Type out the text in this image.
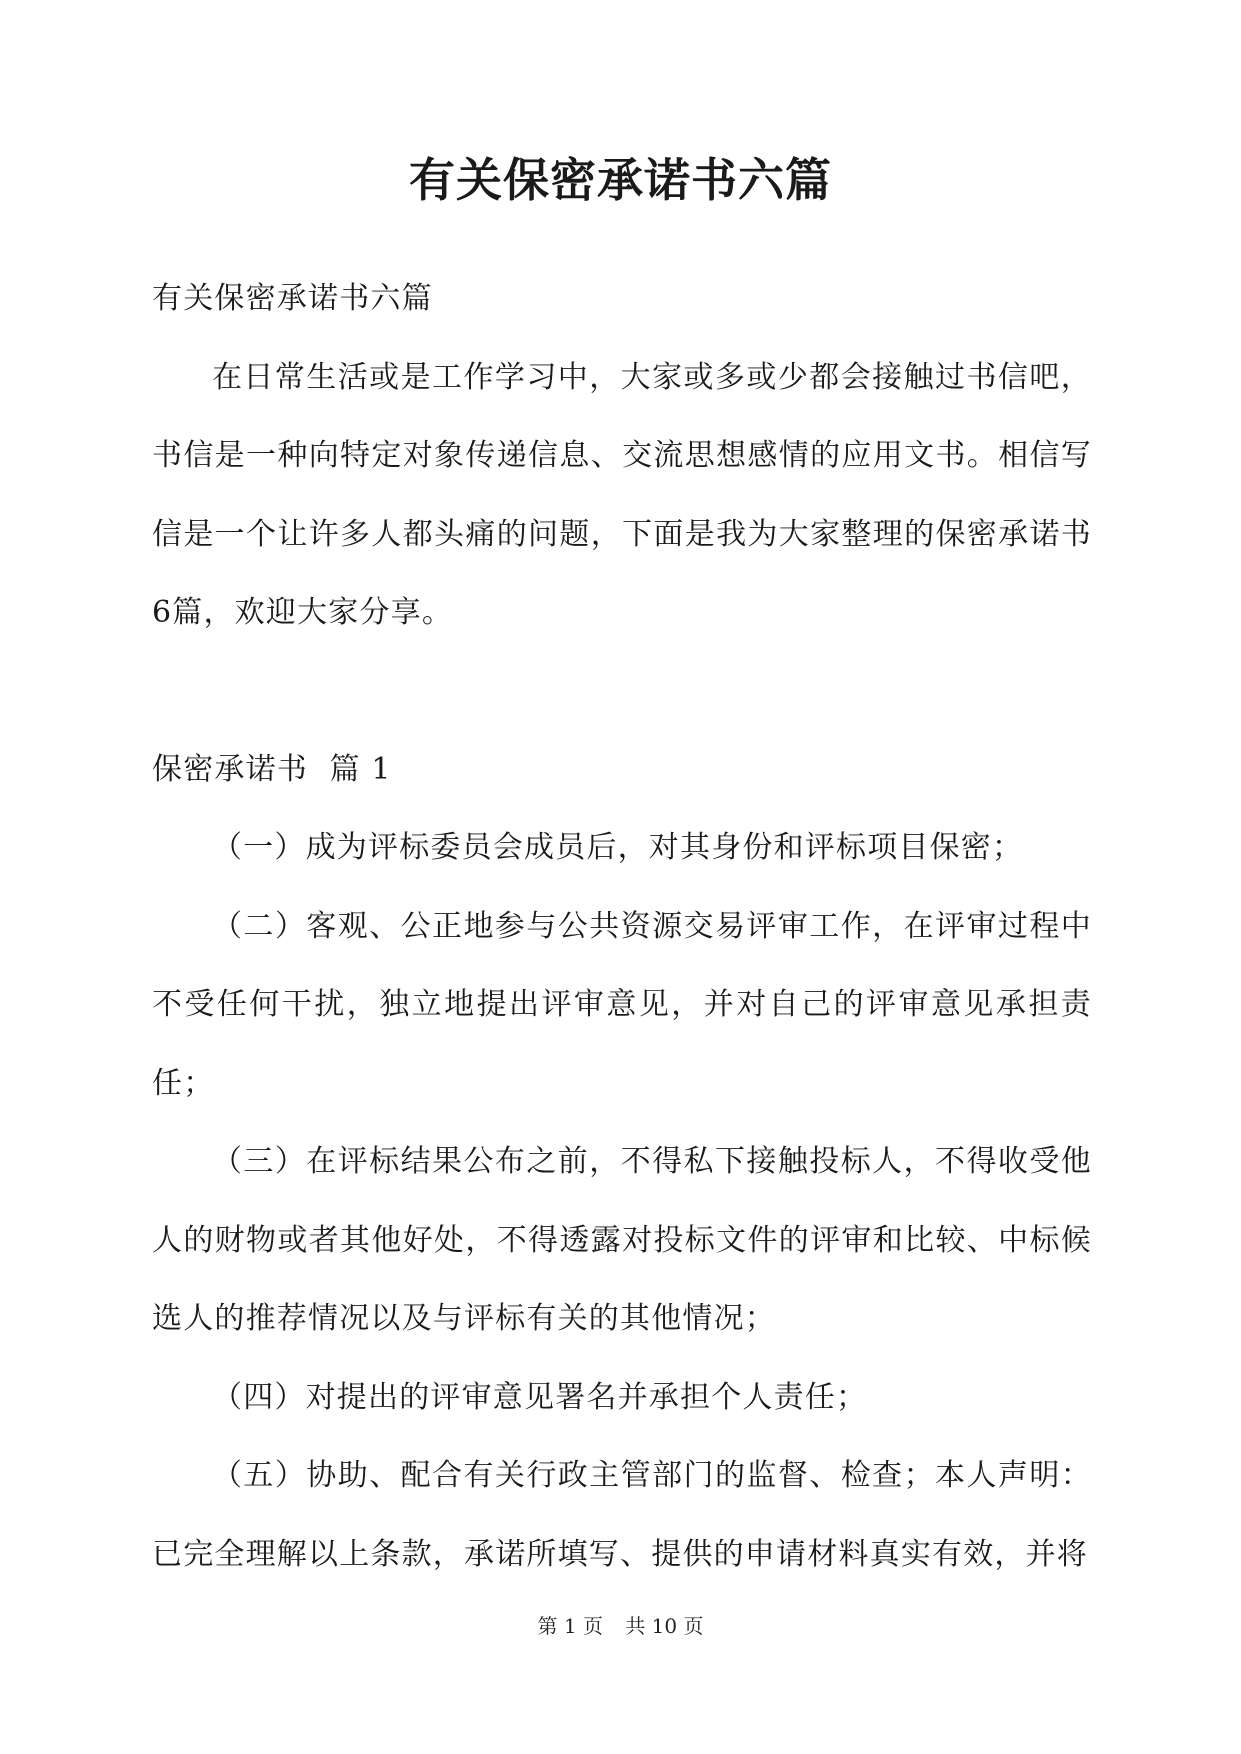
有关保密承诺书六篇

有关保密承诺书六篇

在日常生活或是工作学习中，大家或多或少都会接触过书信吧，书信是一种向特定对象传递信息、交流思想感情的应用文书。相信写信是一个让许多人都头痛的问题，下面是我为大家整理的保密承诺书6篇，欢迎大家分享。

保密承诺书  篇 1

（一）成为评标委员会成员后，对其身份和评标项目保密；

（二）客观、公正地参与公共资源交易评审工作，在评审过程中不受任何干扰，独立地提出评审意见，并对自己的评审意见承担责任；

（三）在评标结果公布之前，不得私下接触投标人，不得收受他人的财物或者其他好处，不得透露对投标文件的评审和比较、中标候选人的推荐情况以及与评标有关的其他情况；

（四）对提出的评审意见署名并承担个人责任；

（五）协助、配合有关行政主管部门的监督、检查；本人声明：已完全理解以上条款，承诺所填写、提供的申请材料真实有效，并将

第 1 页 共 10 页
